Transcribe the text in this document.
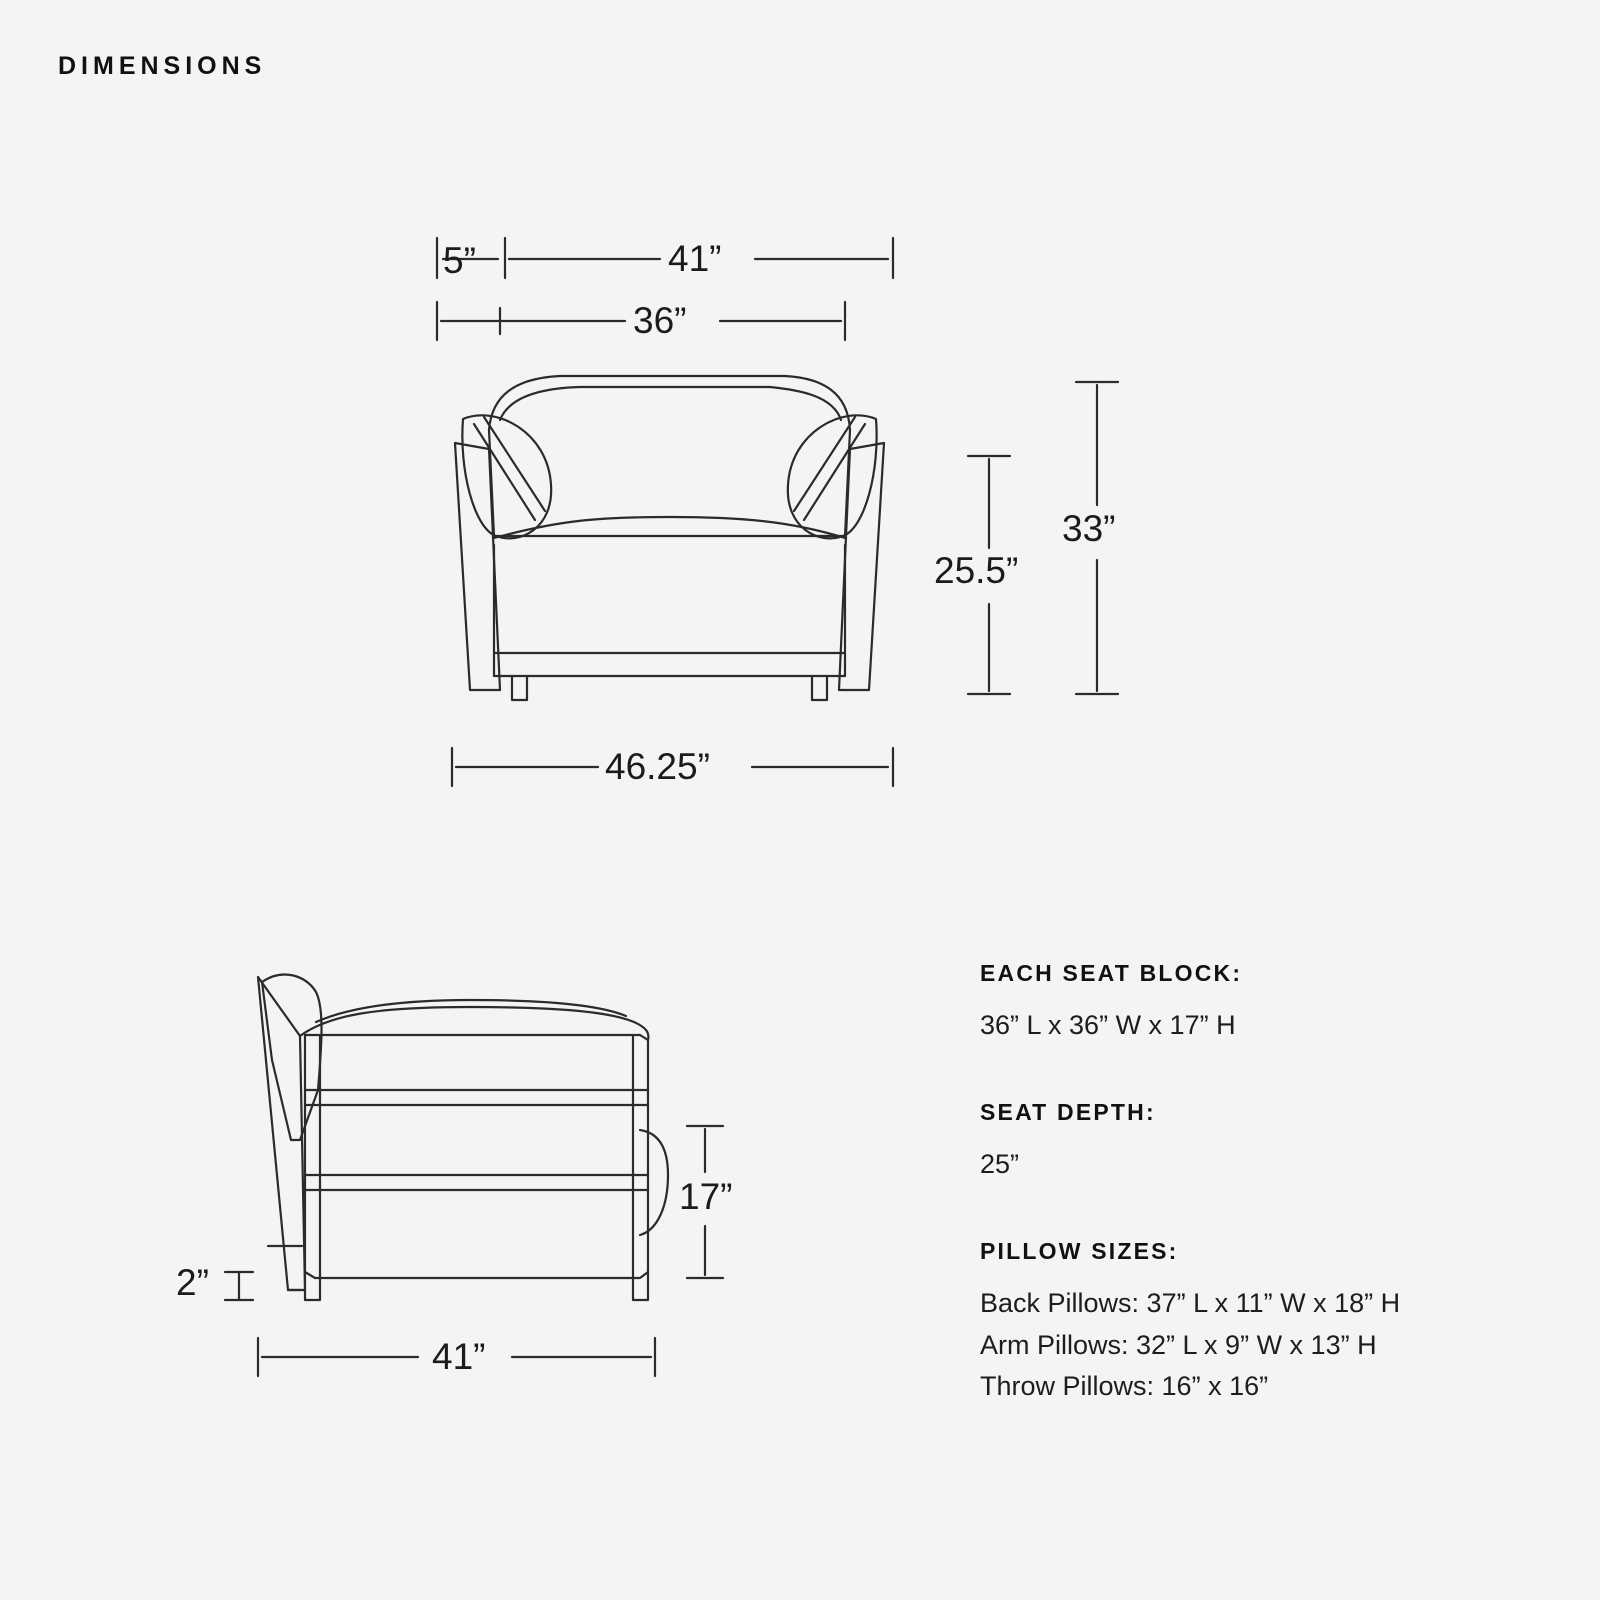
DIMENSIONS
5”	41”
36”
33”
25.5”
46.25”
2”
17”
41”
EACH SEAT BLOCK:
36” L x 36” W x 17” H
SEAT DEPTH:
25”
PILLOW SIZES:
Back Pillows: 37” L x 11” W x 18” H
Arm Pillows: 32” L x 9” W x 13” H
Throw Pillows: 16” x 16”
